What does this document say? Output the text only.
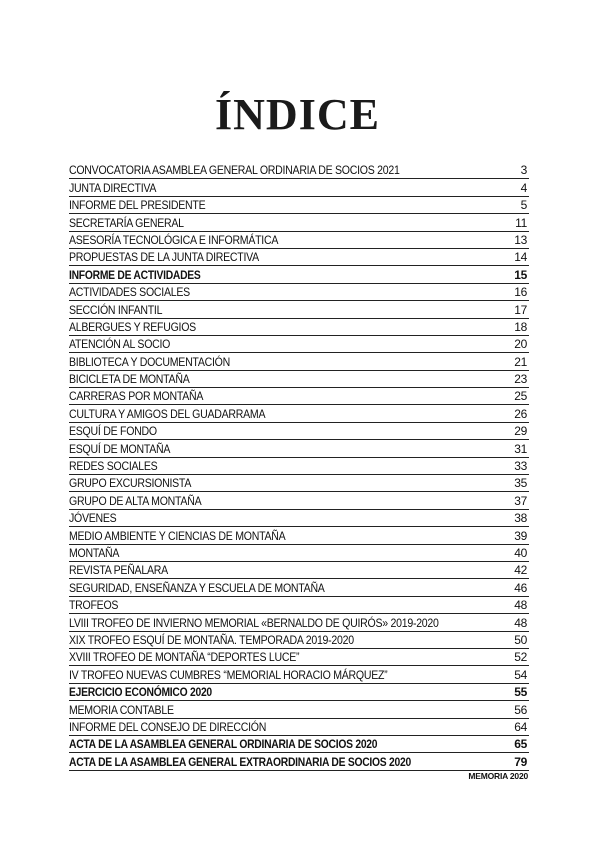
ÍNDICE
CONVOCATORIA ASAMBLEA GENERAL ORDINARIA DE SOCIOS 2021	3
JUNTA DIRECTIVA	4
INFORME DEL PRESIDENTE	5
SECRETARÍA GENERAL	11
ASESORÍA TECNOLÓGICA E INFORMÁTICA	13
PROPUESTAS DE LA JUNTA DIRECTIVA	14
INFORME DE ACTIVIDADES	15
ACTIVIDADES SOCIALES	16
SECCIÓN INFANTIL	17
ALBERGUES Y REFUGIOS	18
ATENCIÓN AL SOCIO	20
BIBLIOTECA Y DOCUMENTACIÓN	21
BICICLETA DE MONTAÑA	23
CARRERAS POR MONTAÑA	25
CULTURA Y AMIGOS DEL GUADARRAMA	26
ESQUÍ DE FONDO	29
ESQUÍ DE MONTAÑA	31
REDES SOCIALES	33
GRUPO EXCURSIONISTA	35
GRUPO DE ALTA MONTAÑA	37
JÓVENES	38
MEDIO AMBIENTE Y CIENCIAS DE MONTAÑA	39
MONTAÑA	40
REVISTA PEÑALARA	42
SEGURIDAD, ENSEÑANZA Y ESCUELA DE MONTAÑA	46
TROFEOS	48
LVIII TROFEO DE INVIERNO MEMORIAL «BERNALDO DE QUIRÓS» 2019-2020	48
XIX TROFEO ESQUÍ DE MONTAÑA. TEMPORADA 2019-2020	50
XVIII TROFEO DE MONTAÑA “DEPORTES LUCE”	52
IV TROFEO NUEVAS CUMBRES “MEMORIAL HORACIO MÁRQUEZ”	54
EJERCICIO ECONÓMICO 2020	55
MEMORIA CONTABLE	56
INFORME DEL CONSEJO DE DIRECCIÓN	64
ACTA DE LA ASAMBLEA GENERAL ORDINARIA DE SOCIOS 2020	65
ACTA DE LA ASAMBLEA GENERAL EXTRAORDINARIA DE SOCIOS 2020	79
MEMORIA 2020
